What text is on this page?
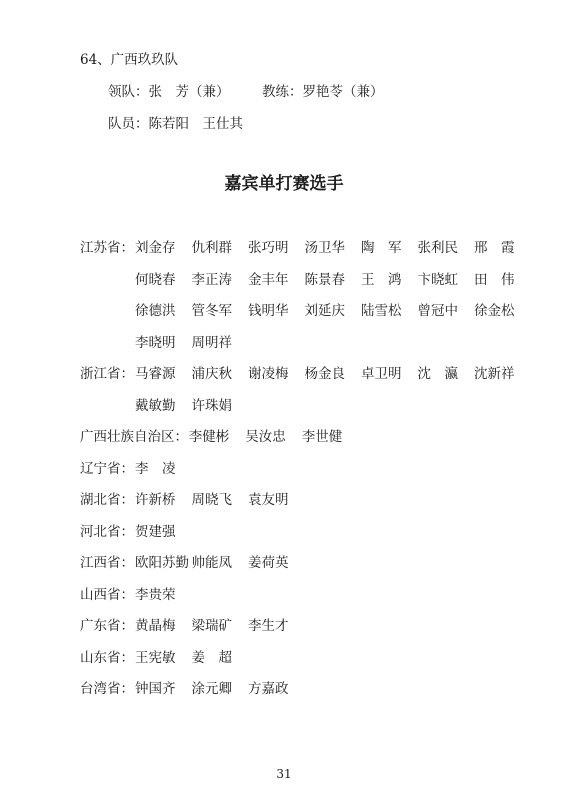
64、广西玖玖队
领队：张　芳（兼） 教练：罗艳苓（兼）
队员：陈若阳　王仕其
嘉宾单打赛选手
江苏省： 刘金存 仇利群 张巧明 汤卫华 陶　军 张利民 邢　霞
何晓春 李正涛 金丰年 陈景春 王　鸿 卞晓虹 田　伟
徐德洪 管冬军 钱明华 刘延庆 陆雪松 曾冠中 徐金松
李晓明 周明祥
浙江省： 马睿源 浦庆秋 谢凌梅 杨金良 卓卫明 沈　瀛 沈新祥
戴敏勤 许珠娟
广西壮族自治区： 李健彬 吴汝忠 李世健
辽宁省： 李　凌
湖北省： 许新桥 周晓飞 袁友明
河北省： 贺建强
江西省： 欧阳苏勤 帅能凤 姜荷英
山西省： 李贵荣
广东省： 黄晶梅 梁瑞矿 李生才
山东省： 王宪敏 姜　超
台湾省： 钟国齐 涂元卿 方嘉政
31
